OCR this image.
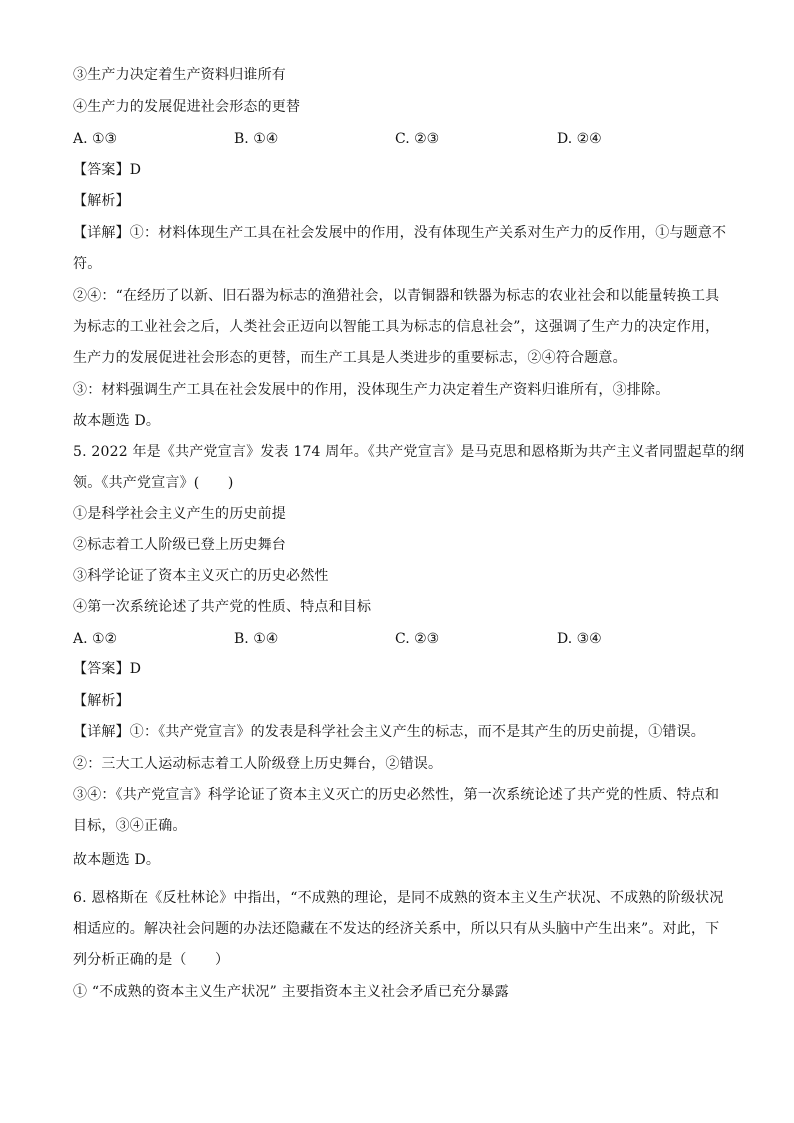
③生产力决定着生产资料归谁所有
④生产力的发展促进社会形态的更替
A. ①③	B. ①④	C. ②③	D. ②④
【答案】D
【解析】
【详解】①：材料体现生产工具在社会发展中的作用，没有体现生产关系对生产力的反作用，①与题意不
符。
②④：“在经历了以新、旧石器为标志的渔猎社会，以青铜器和铁器为标志的农业社会和以能量转换工具
为标志的工业社会之后，人类社会正迈向以智能工具为标志的信息社会”，这强调了生产力的决定作用，
生产力的发展促进社会形态的更替，而生产工具是人类进步的重要标志，②④符合题意。
③：材料强调生产工具在社会发展中的作用，没体现生产力决定着生产资料归谁所有，③排除。
故本题选 D。
5. 2022 年是《共产党宣言》发表 174 周年。《共产党宣言》是马克思和恩格斯为共产主义者同盟起草的纲
领。《共产党宣言》(　　)
①是科学社会主义产生的历史前提
②标志着工人阶级已登上历史舞台
③科学论证了资本主义灭亡的历史必然性
④第一次系统论述了共产党的性质、特点和目标
A. ①②	B. ①④	C. ②③	D. ③④
【答案】D
【解析】
【详解】①：《共产党宣言》的发表是科学社会主义产生的标志，而不是其产生的历史前提，①错误。
②：三大工人运动标志着工人阶级登上历史舞台，②错误。
③④：《共产党宣言》科学论证了资本主义灭亡的历史必然性，第一次系统论述了共产党的性质、特点和
目标，③④正确。
故本题选 D。
6. 恩格斯在《反杜林论》中指出，“不成熟的理论，是同不成熟的资本主义生产状况、不成熟的阶级状况
相适应的。解决社会问题的办法还隐藏在不发达的经济关系中，所以只有从头脑中产生出来”。对此，下
列分析正确的是（　　）
① “不成熟的资本主义生产状况” 主要指资本主义社会矛盾已充分暴露
